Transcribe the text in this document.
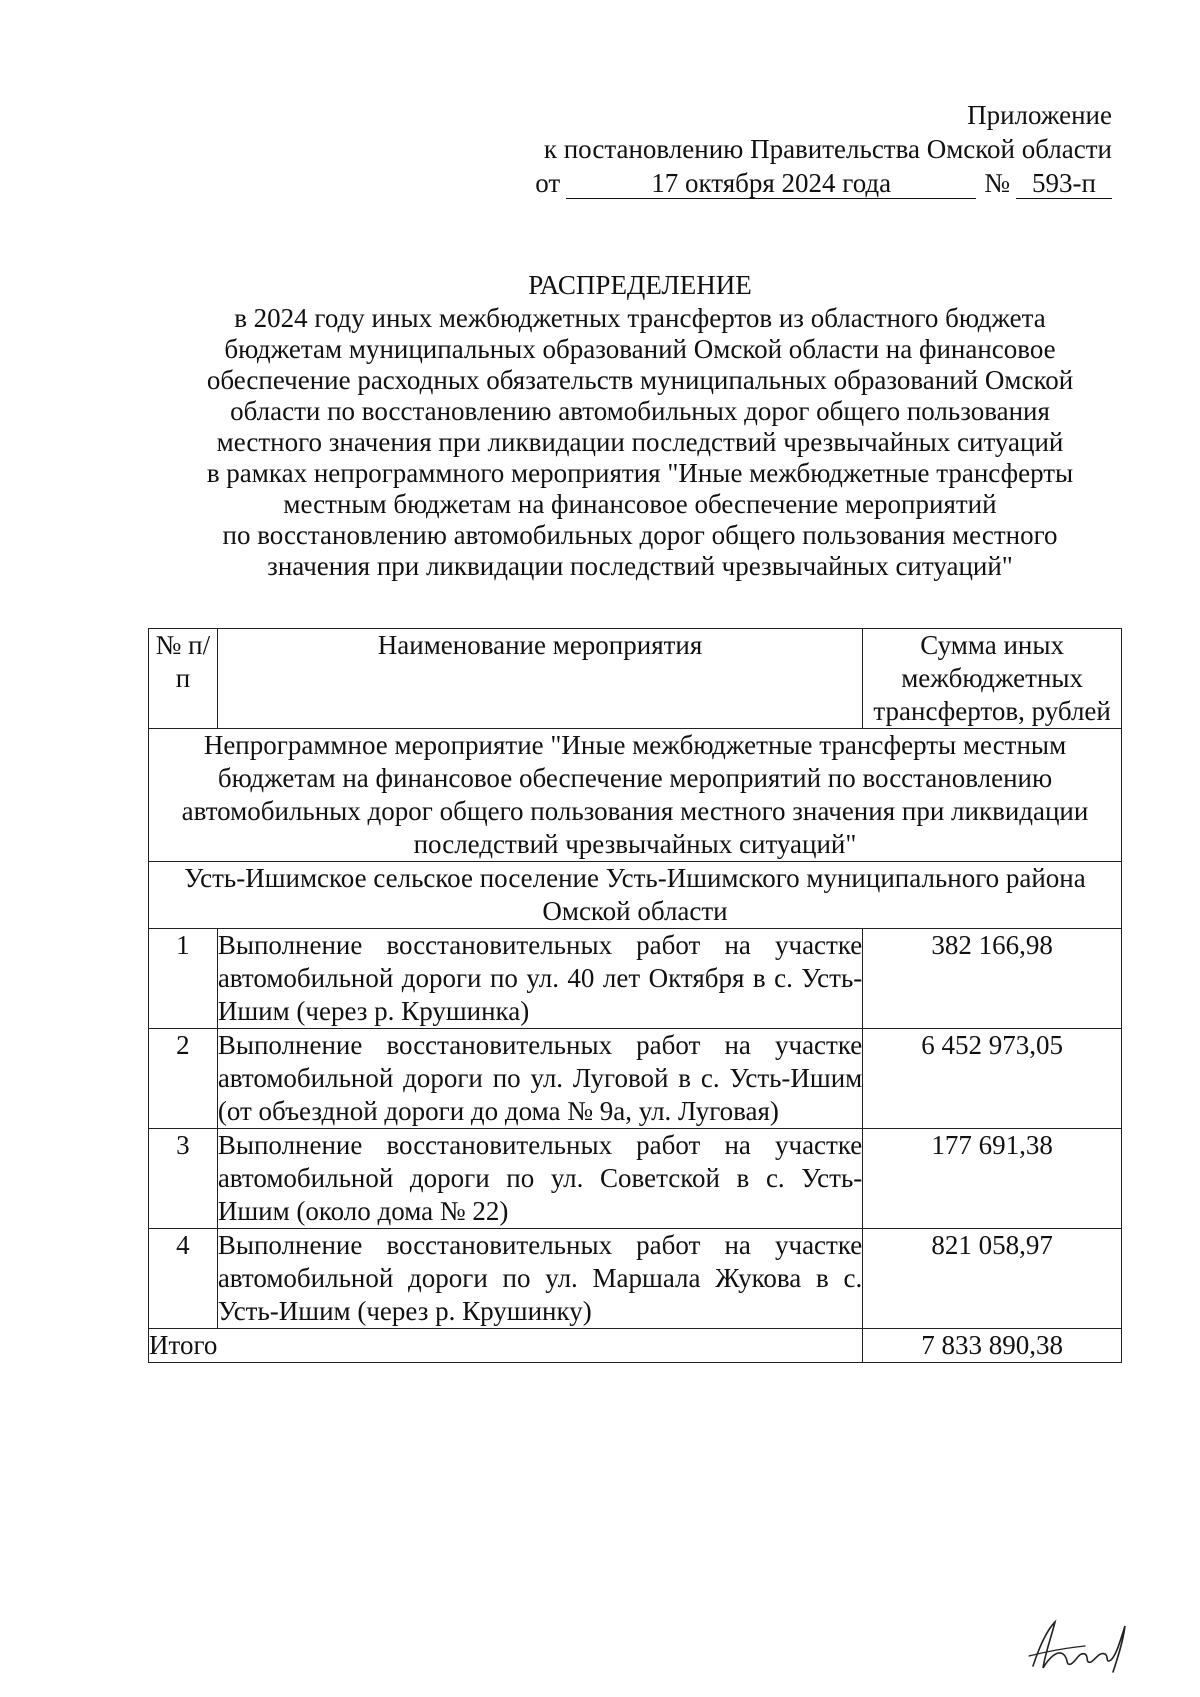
Приложение
к постановлению Правительства Омской области
от	17 октября 2024 года	№ 593-п
РАСПРЕДЕЛЕНИЕ
в 2024 году иных межбюджетных трансфертов из областного бюджета
бюджетам муниципальных образований Омской области на финансовое
обеспечение расходных обязательств муниципальных образований Омской
области по восстановлению автомобильных дорог общего пользования
местного значения при ликвидации последствий чрезвычайных ситуаций
в рамках непрограммного мероприятия "Иные межбюджетные трансферты
местным бюджетам на финансовое обеспечение мероприятий
по восстановлению автомобильных дорог общего пользования местного
значения при ликвидации последствий чрезвычайных ситуаций"
№ п/п	Наименование мероприятия	Сумма иных межбюджетных трансфертов, рублей
Непрограммное мероприятие "Иные межбюджетные трансферты местным бюджетам на финансовое обеспечение мероприятий по восстановлению автомобильных дорог общего пользования местного значения при ликвидации последствий чрезвычайных ситуаций"		
Усть-Ишимское сельское поселение Усть-Ишимского муниципального района Омской области		
1	Выполнение восстановительных работ на участке автомобильной дороги по ул. 40 лет Октября в с. Усть-Ишим (через р. Крушинка)	382 166,98
2	Выполнение восстановительных работ на участке автомобильной дороги по ул. Луговой в с. Усть-Ишим (от объездной дороги до дома № 9а, ул. Луговая)	6 452 973,05
3	Выполнение восстановительных работ на участке автомобильной дороги по ул. Советской в с. Усть-Ишим (около дома № 22)	177 691,38
4	Выполнение восстановительных работ на участке автомобильной дороги по ул. Маршала Жукова в с. Усть-Ишим (через р. Крушинку)	821 058,97
Итого		7 833 890,38
